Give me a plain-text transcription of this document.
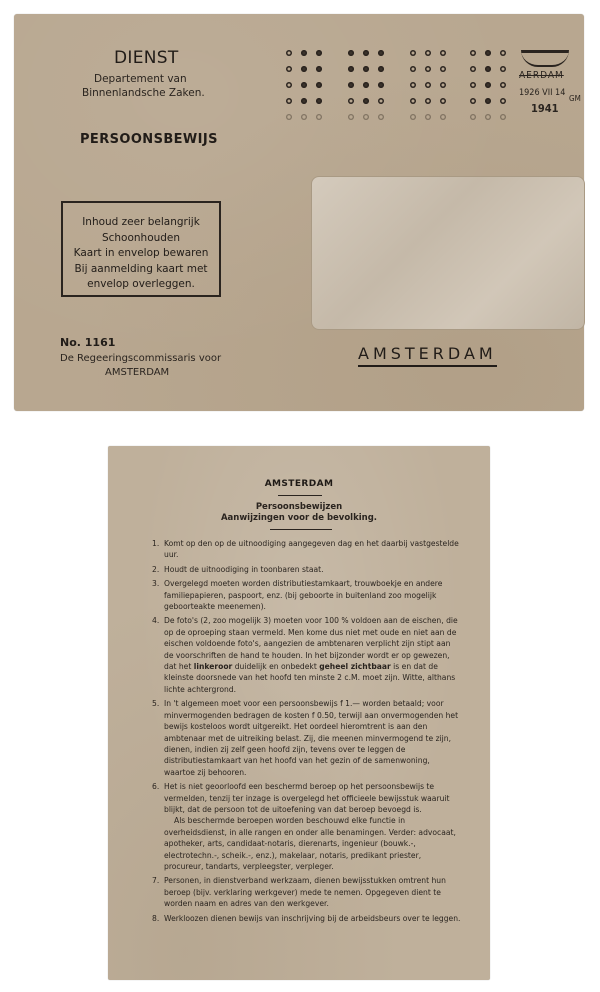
DIENST
Departement van
Binnenlandsche Zaken.
PERSOONSBEWIJS
AERDAM
1926 VII 14
1941
GM
Inhoud zeer belangrijk
Schoonhouden
Kaart in envelop bewaren
Bij aanmelding kaart met
envelop overleggen.
No. 1161
De Regeeringscommissaris voor
AMSTERDAM
AMSTERDAM
AMSTERDAM
Persoonsbewijzen
Aanwijzingen voor de bevolking.
1. Komt op den op de uitnoodiging aangegeven dag en het daarbij vastgestelde uur.
2. Houdt de uitnoodiging in toonbaren staat.
3. Overgelegd moeten worden distributiestamkaart, trouwboekje en andere familiepapieren, paspoort, enz. (bij geboorte in buitenland zoo mogelijk geboorteakte meenemen).
4. De foto's (2, zoo mogelijk 3) moeten voor 100 % voldoen aan de eischen, die op de oproeping staan vermeld. Men kome dus niet met oude en niet aan de eischen voldoende foto's, aangezien de ambtenaren verplicht zijn stipt aan de voorschriften de hand te houden. In het bijzonder wordt er op gewezen, dat het linkeroor duidelijk en onbedekt geheel zichtbaar is en dat de kleinste doorsnede van het hoofd ten minste 2 c.M. moet zijn. Witte, althans lichte achtergrond.
5. In 't algemeen moet voor een persoonsbewijs f 1.— worden betaald; voor minvermogenden bedragen de kosten f 0.50, terwijl aan onvermogenden het bewijs kosteloos wordt uitgereikt. Het oordeel hieromtrent is aan den ambtenaar met de uitreiking belast. Zij, die meenen minvermogend te zijn, dienen, indien zij zelf geen hoofd zijn, tevens over te leggen de distributiestamkaart van het hoofd van het gezin of de samenwoning, waartoe zij behooren.
6. Het is niet geoorloofd een beschermd beroep op het persoonsbewijs te vermelden, tenzij ter inzage is overgelegd het officieele bewijsstuk waaruit blijkt, dat de persoon tot de uitoefening van dat beroep bevoegd is.
Als beschermde beroepen worden beschouwd elke functie in overheidsdienst, in alle rangen en onder alle benamingen. Verder: advocaat, apotheker, arts, candidaat-notaris, dierenarts, ingenieur (bouwk.-, electrotechn.-, scheik.-, enz.), makelaar, notaris, predikant priester, procureur, tandarts, verpleegster, verpleger.
7. Personen, in dienstverband werkzaam, dienen bewijsstukken omtrent hun beroep (bijv. verklaring werkgever) mede te nemen. Opgegeven dient te worden naam en adres van den werkgever.
8. Werkloozen dienen bewijs van inschrijving bij de arbeidsbeurs over te leggen.
